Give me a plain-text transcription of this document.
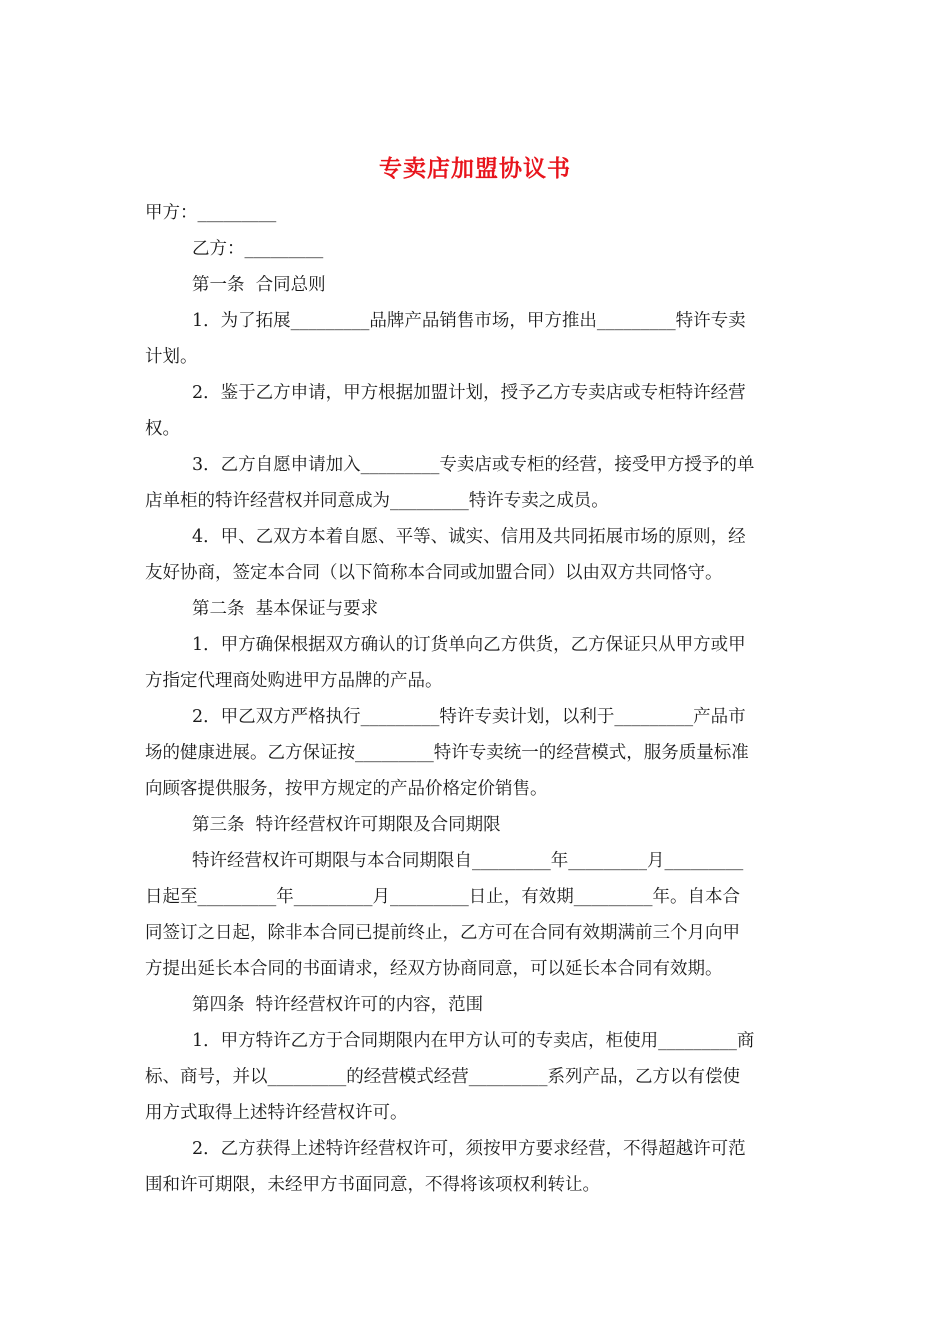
专卖店加盟协议书

甲方：_________

乙方：_________

第一条  合同总则

1．为了拓展_________品牌产品销售市场，甲方推出_________特许专卖

计划。

2．鉴于乙方申请，甲方根据加盟计划，授予乙方专卖店或专柜特许经营

权。

3．乙方自愿申请加入_________专卖店或专柜的经营，接受甲方授予的单

店单柜的特许经营权并同意成为_________特许专卖之成员。

4．甲、乙双方本着自愿、平等、诚实、信用及共同拓展市场的原则，经

友好协商，签定本合同（以下简称本合同或加盟合同）以由双方共同恪守。

第二条  基本保证与要求

1．甲方确保根据双方确认的订货单向乙方供货，乙方保证只从甲方或甲

方指定代理商处购进甲方品牌的产品。

2．甲乙双方严格执行_________特许专卖计划，以利于_________产品市

场的健康进展。乙方保证按_________特许专卖统一的经营模式，服务质量标准

向顾客提供服务，按甲方规定的产品价格定价销售。

第三条  特许经营权许可期限及合同期限

特许经营权许可期限与本合同期限自_________年_________月_________

日起至_________年_________月_________日止，有效期_________年。自本合

同签订之日起，除非本合同已提前终止，乙方可在合同有效期满前三个月向甲

方提出延长本合同的书面请求，经双方协商同意，可以延长本合同有效期。

第四条  特许经营权许可的内容，范围

1．甲方特许乙方于合同期限内在甲方认可的专卖店，柜使用_________商

标、商号，并以_________的经营模式经营_________系列产品，乙方以有偿使

用方式取得上述特许经营权许可。

2．乙方获得上述特许经营权许可，须按甲方要求经营，不得超越许可范

围和许可期限，未经甲方书面同意，不得将该项权利转让。
